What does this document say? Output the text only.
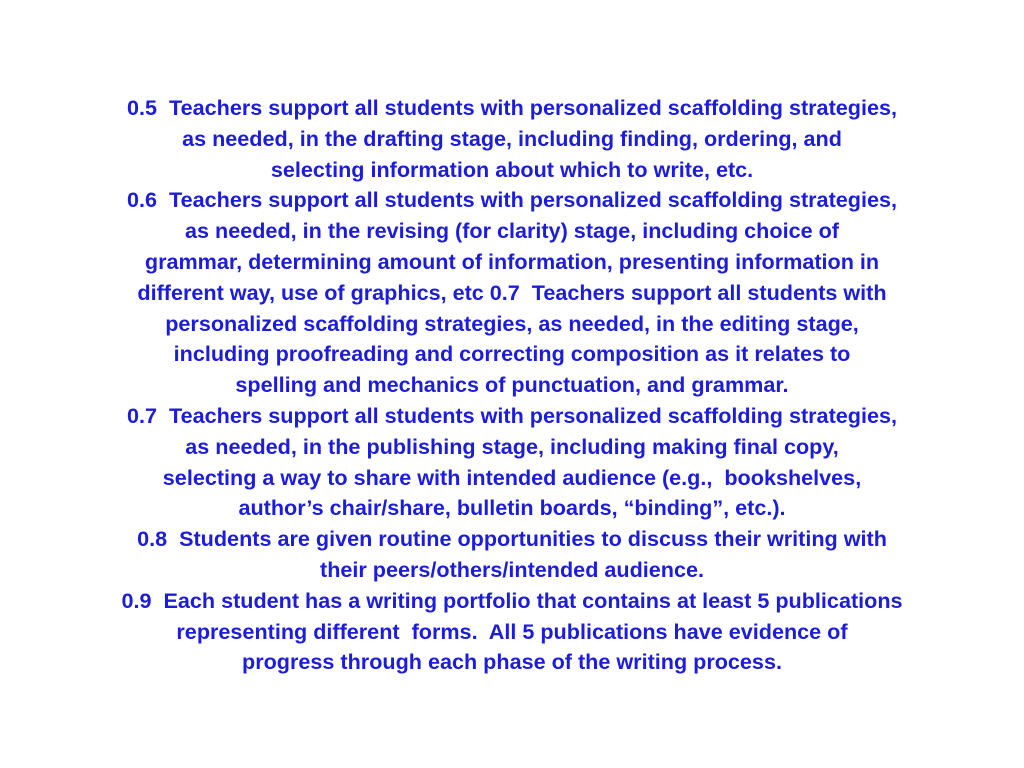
0.5  Teachers support all students with personalized scaffolding strategies,
as needed, in the drafting stage, including finding, ordering, and
selecting information about which to write, etc.
0.6  Teachers support all students with personalized scaffolding strategies,
as needed, in the revising (for clarity) stage, including choice of
grammar, determining amount of information, presenting information in
different way, use of graphics, etc 0.7  Teachers support all students with
personalized scaffolding strategies, as needed, in the editing stage,
including proofreading and correcting composition as it relates to
spelling and mechanics of punctuation, and grammar.
0.7  Teachers support all students with personalized scaffolding strategies,
as needed, in the publishing stage, including making final copy,
selecting a way to share with intended audience (e.g.,  bookshelves,
author’s chair/share, bulletin boards, “binding”, etc.).
0.8  Students are given routine opportunities to discuss their writing with
their peers/others/intended audience.
0.9  Each student has a writing portfolio that contains at least 5 publications
representing different  forms.  All 5 publications have evidence of
progress through each phase of the writing process.
